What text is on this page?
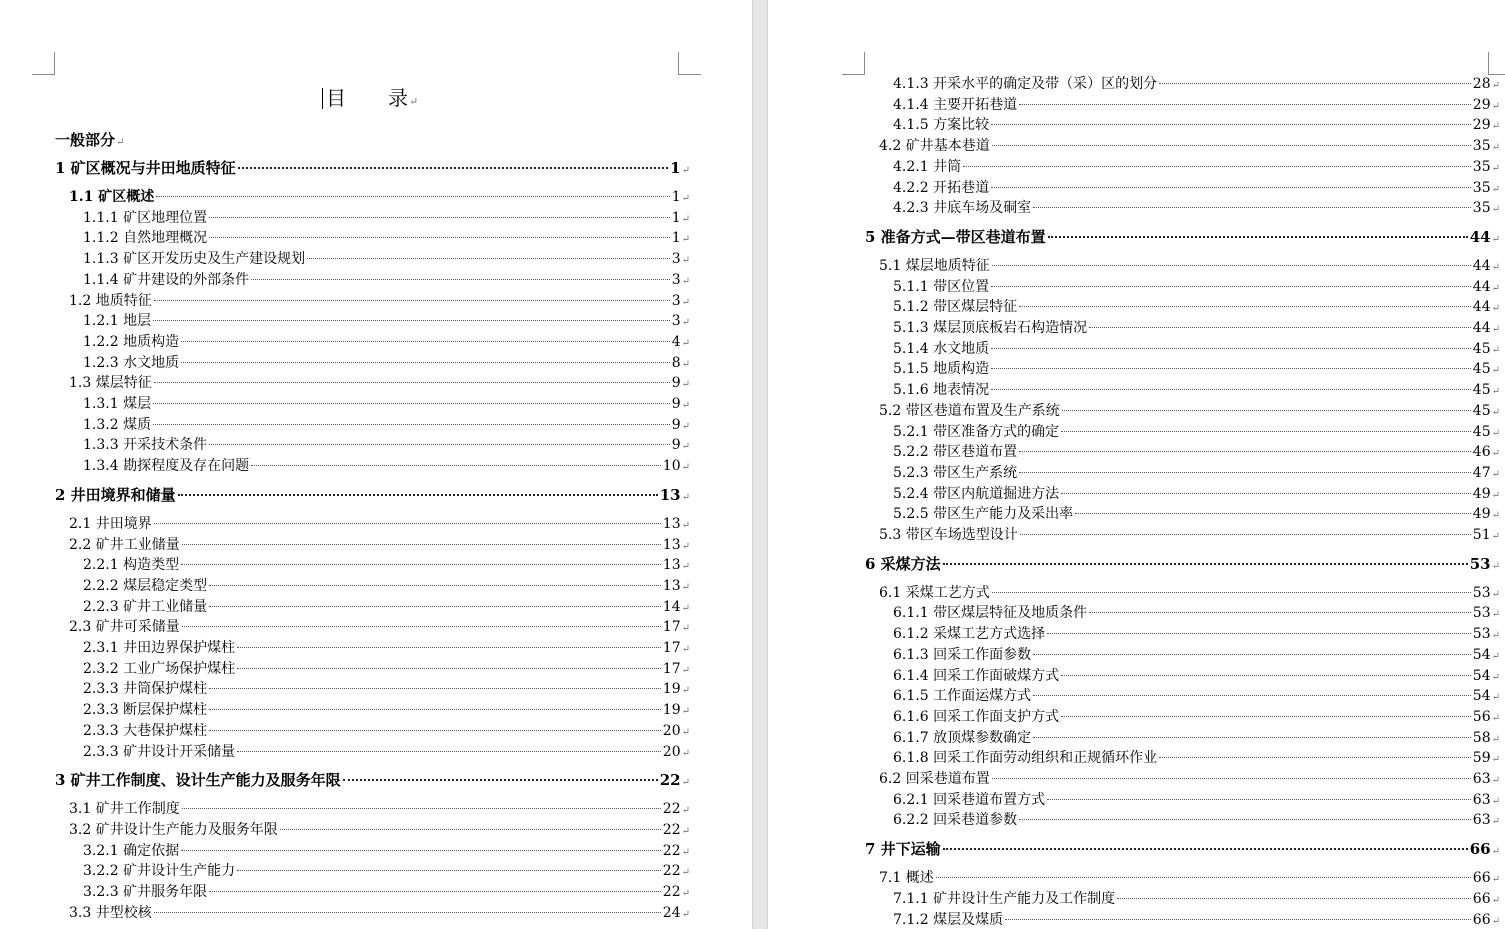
目 录↵
一般部分↵
1 矿区概况与井田地质特征	1 ↵
1.1 矿区概述	1 ↵
1.1.1 矿区地理位置	1 ↵
1.1.2 自然地理概况	1 ↵
1.1.3 矿区开发历史及生产建设规划	3 ↵
1.1.4 矿井建设的外部条件	3 ↵
1.2 地质特征	3 ↵
1.2.1 地层	3 ↵
1.2.2 地质构造	4 ↵
1.2.3 水文地质	8 ↵
1.3 煤层特征	9 ↵
1.3.1 煤层	9 ↵
1.3.2 煤质	9 ↵
1.3.3 开采技术条件	9 ↵
1.3.4 勘探程度及存在问题	10 ↵
2 井田境界和储量	13 ↵
2.1 井田境界	13 ↵
2.2 矿井工业储量	13 ↵
2.2.1 构造类型	13 ↵
2.2.2 煤层稳定类型	13 ↵
2.2.3 矿井工业储量	14 ↵
2.3 矿井可采储量	17 ↵
2.3.1 井田边界保护煤柱	17 ↵
2.3.2 工业广场保护煤柱	17 ↵
2.3.3 井筒保护煤柱	19 ↵
2.3.3 断层保护煤柱	19 ↵
2.3.3 大巷保护煤柱	20 ↵
2.3.3 矿井设计开采储量	20 ↵
3 矿井工作制度、设计生产能力及服务年限	22 ↵
3.1 矿井工作制度	22 ↵
3.2 矿井设计生产能力及服务年限	22 ↵
3.2.1 确定依据	22 ↵
3.2.2 矿井设计生产能力	22 ↵
3.2.3 矿井服务年限	22 ↵
3.3 井型校核	24 ↵
4.1.3 开采水平的确定及带（采）区的划分	28 ↵
4.1.4 主要开拓巷道	29 ↵
4.1.5 方案比较	29 ↵
4.2 矿井基本巷道	35 ↵
4.2.1 井筒	35 ↵
4.2.2 开拓巷道	35 ↵
4.2.3 井底车场及硐室	35 ↵
5 准备方式—带区巷道布置	44 ↵
5.1 煤层地质特征	44 ↵
5.1.1 带区位置	44 ↵
5.1.2 带区煤层特征	44 ↵
5.1.3 煤层顶底板岩石构造情况	44 ↵
5.1.4 水文地质	45 ↵
5.1.5 地质构造	45 ↵
5.1.6 地表情况	45 ↵
5.2 带区巷道布置及生产系统	45 ↵
5.2.1 带区准备方式的确定	45 ↵
5.2.2 带区巷道布置	46 ↵
5.2.3 带区生产系统	47 ↵
5.2.4 带区内航道掘进方法	49 ↵
5.2.5 带区生产能力及采出率	49 ↵
5.3 带区车场选型设计	51 ↵
6 采煤方法	53 ↵
6.1 采煤工艺方式	53 ↵
6.1.1 带区煤层特征及地质条件	53 ↵
6.1.2 采煤工艺方式选择	53 ↵
6.1.3 回采工作面参数	54 ↵
6.1.4 回采工作面破煤方式	54 ↵
6.1.5 工作面运煤方式	54 ↵
6.1.6 回采工作面支护方式	56 ↵
6.1.7 放顶煤参数确定	58 ↵
6.1.8 回采工作面劳动组织和正规循环作业	59 ↵
6.2 回采巷道布置	63 ↵
6.2.1 回采巷道布置方式	63 ↵
6.2.2 回采巷道参数	63 ↵
7 井下运输	66 ↵
7.1 概述	66 ↵
7.1.1 矿井设计生产能力及工作制度	66 ↵
7.1.2 煤层及煤质	66 ↵
